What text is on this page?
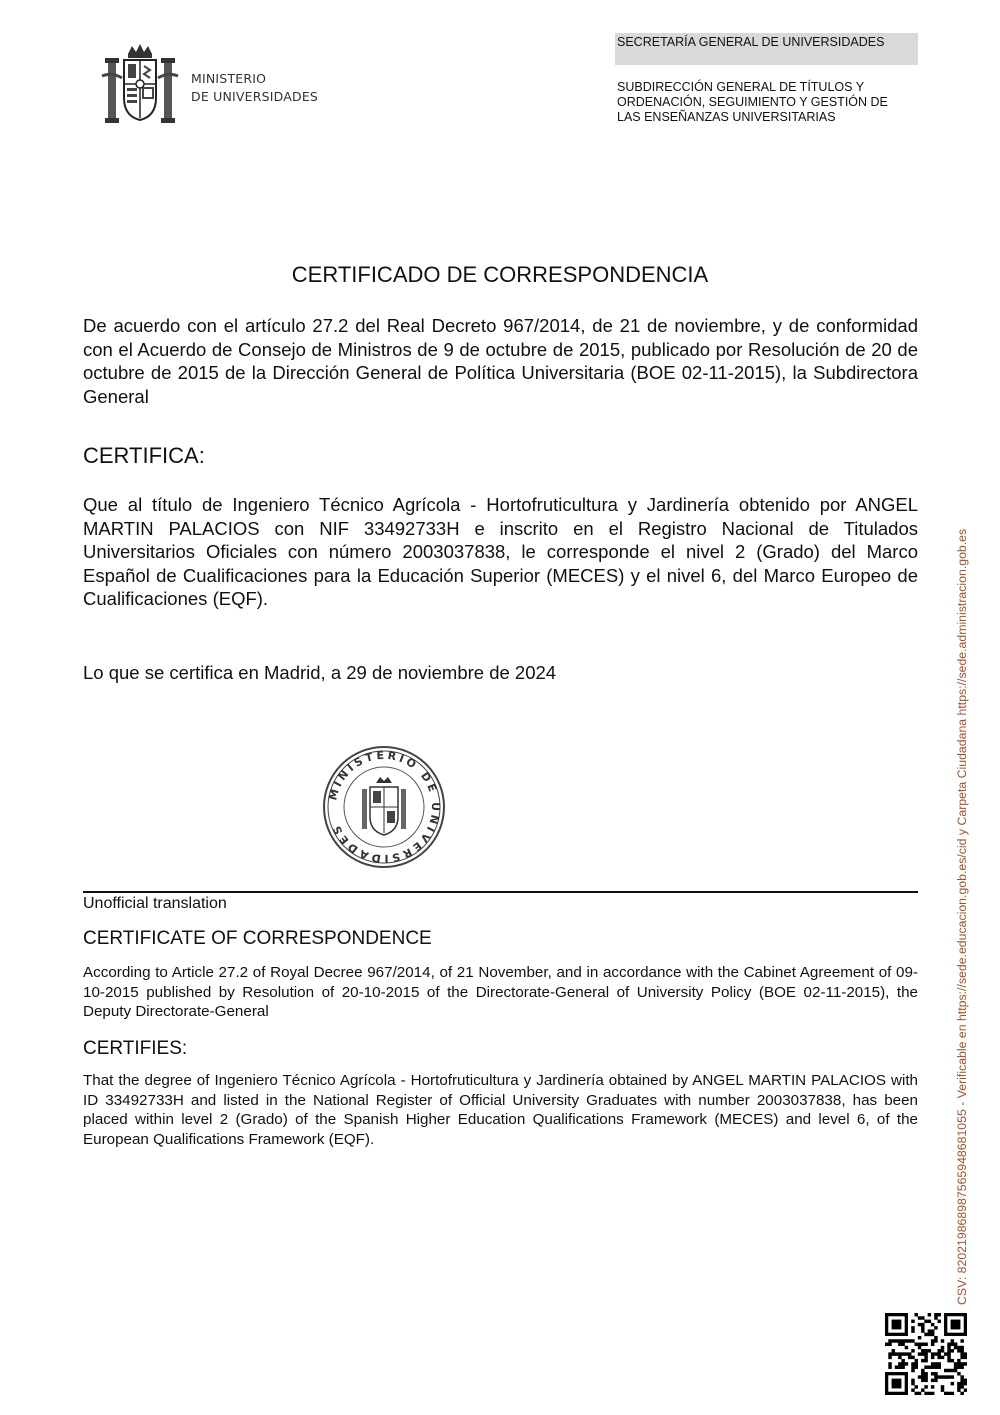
MINISTERIO
DE UNIVERSIDADES
SECRETARÍA GENERAL DE UNIVERSIDADES
SUBDIRECCIÓN GENERAL DE TÍTULOS Y
ORDENACIÓN, SEGUIMIENTO Y GESTIÓN DE
LAS ENSEÑANZAS UNIVERSITARIAS
CERTIFICADO DE CORRESPONDENCIA
De acuerdo con el artículo 27.2 del Real Decreto 967/2014, de 21 de noviembre, y de conformidad con el Acuerdo de Consejo de Ministros de 9 de octubre de 2015, publicado por Resolución de 20 de octubre de 2015 de la Dirección General de Política Universitaria (BOE 02-11-2015), la Subdirectora General
CERTIFICA:
Que al título de Ingeniero Técnico Agrícola - Hortofruticultura y Jardinería obtenido por ANGEL MARTIN PALACIOS con NIF 33492733H e inscrito en el Registro Nacional de Titulados Universitarios Oficiales con número 2003037838, le corresponde el nivel 2 (Grado) del Marco Español de Cualificaciones para la Educación Superior (MECES) y el nivel 6, del Marco Europeo de Cualificaciones (EQF).
Lo que se certifica en Madrid, a 29 de noviembre de 2024
MINISTERIO DE UNIVERSIDADES
Unofficial translation
CERTIFICATE OF CORRESPONDENCE
According to Article 27.2 of Royal Decree 967/2014, of 21 November, and in accordance with the Cabinet Agreement of 09-10-2015 published by Resolution of 20-10-2015 of the Directorate-General of University Policy (BOE 02-11-2015), the Deputy Directorate-General
CERTIFIES:
That the degree of Ingeniero Técnico Agrícola - Hortofruticultura y Jardinería obtained by ANGEL MARTIN PALACIOS with ID 33492733H and listed in the National Register of Official University Graduates with number 2003037838, has been placed within level 2 (Grado) of the Spanish Higher Education Qualifications Framework (MECES) and level 6, of the European Qualifications Framework (EQF).	CSV: 82021986898756594868​1055 - Verificable en https://sede.educacion.gob.es/cid y Carpeta Ciudadana https://sede.administracion.gob.es
